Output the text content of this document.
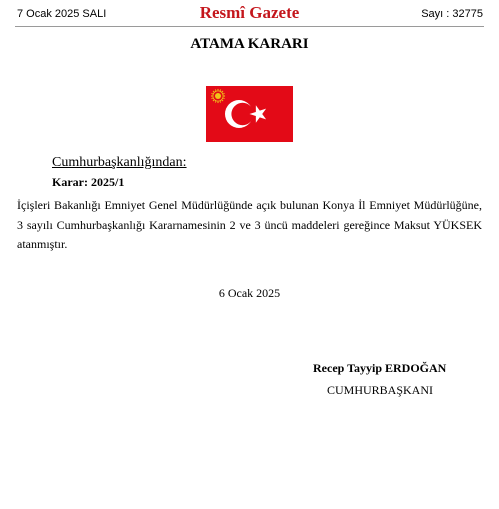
7 Ocak 2025 SALI	Resmî Gazete	Sayı : 32775
ATAMA KARARI
Cumhurbaşkanlığından:
Karar: 2025/1

İçişleri Bakanlığı Emniyet Genel Müdürlüğünde açık bulunan Konya İl Emniyet Müdürlüğüne, 3 sayılı Cumhurbaşkanlığı Kararnamesinin 2 ve 3 üncü maddeleri gereğince Maksut YÜKSEK atanmıştır.

6 Ocak 2025
Recep Tayyip ERDOĞAN
CUMHURBAŞKANI
